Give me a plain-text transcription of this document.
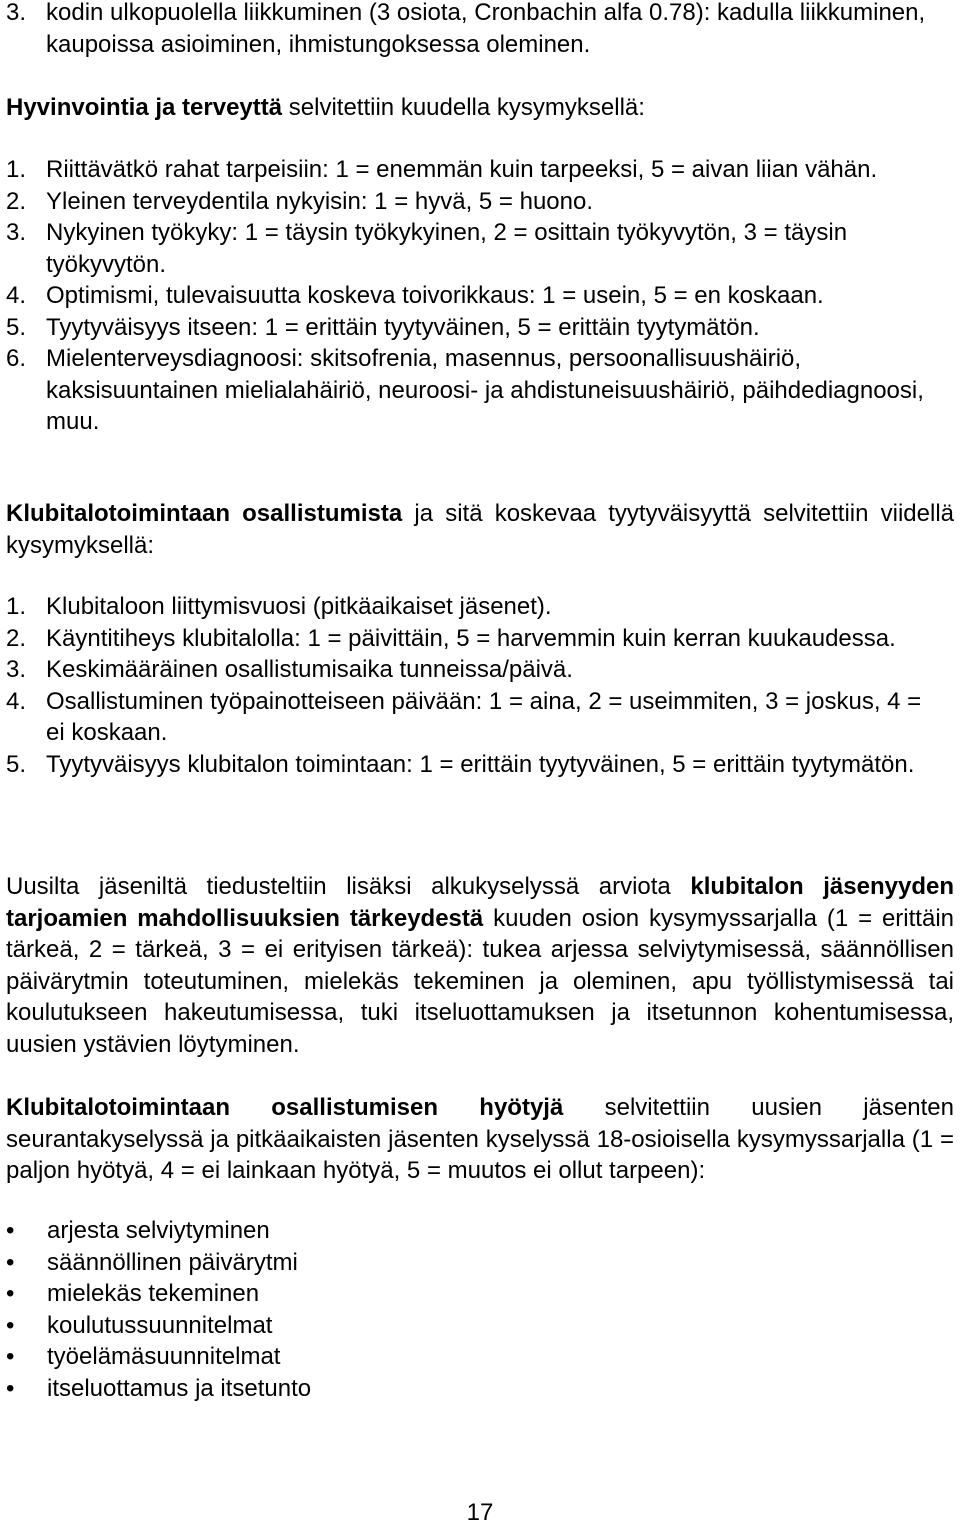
3. kodin ulkopuolella liikkuminen (3 osiota, Cronbachin alfa 0.78): kadulla liikkuminen, kaupoissa asioiminen, ihmistungoksessa oleminen.
Hyvinvointia ja terveyttä selvitettiin kuudella kysymyksellä:
1. Riittävätkö rahat tarpeisiin: 1 = enemmän kuin tarpeeksi, 5 = aivan liian vähän.
2. Yleinen terveydentila nykyisin: 1 = hyvä, 5 = huono.
3. Nykyinen työkyky: 1 = täysin työkykyinen, 2 = osittain työkyvytön, 3 = täysin työkyvytön.
4. Optimismi, tulevaisuutta koskeva toivorikkaus: 1 = usein, 5 = en koskaan.
5. Tyytyväisyys itseen: 1 = erittäin tyytyväinen, 5 = erittäin tyytymätön.
6. Mielenterveysdiagnoosi: skitsofrenia, masennus, persoonallisuushäiriö, kaksisuuntainen mielialahäiriö, neuroosi- ja ahdistuneisuushäiriö, päihdediagnoosi, muu.
Klubitalotoimintaan osallistumista ja sitä koskevaa tyytyväisyyttä selvitettiin viidellä kysymyksellä:
1. Klubitaloon liittymisvuosi (pitkäaikaiset jäsenet).
2. Käyntitiheys klubitalolla: 1 = päivittäin, 5 = harvemmin kuin kerran kuukaudessa.
3. Keskimääräinen osallistumisaika tunneissa/päivä.
4. Osallistuminen työpainotteiseen päivään: 1 = aina, 2 = useimmiten, 3 = joskus, 4 = ei koskaan.
5. Tyytyväisyys klubitalon toimintaan: 1 = erittäin tyytyväinen, 5 = erittäin tyytymätön.
Uusilta jäseniltä tiedusteltiin lisäksi alkukyselyssä arviota klubitalon jäsenyyden tarjoamien mahdollisuuksien tärkeydestä kuuden osion kysymyssarjalla (1 = erittäin tärkeä, 2 = tärkeä, 3 = ei erityisen tärkeä): tukea arjessa selviytymisessä, säännöllisen päivärytmin toteutuminen, mielekäs tekeminen ja oleminen, apu työllistymisessä tai koulutukseen hakeutumisessa, tuki itseluottamuksen ja itsetunnon kohentumisessa, uusien ystävien löytyminen.
Klubitalotoimintaan osallistumisen hyötyjä selvitettiin uusien jäsenten seurantakyselyssä ja pitkäaikaisten jäsenten kyselyssä 18-osioisella kysymyssarjalla (1 = paljon hyötyä, 4 = ei lainkaan hyötyä, 5 = muutos ei ollut tarpeen):
• arjesta selviytyminen
• säännöllinen päivärytmi
• mielekäs tekeminen
• koulutussuunnitelmat
• työelämäsuunnitelmat
• itseluottamus ja itsetunto
17
